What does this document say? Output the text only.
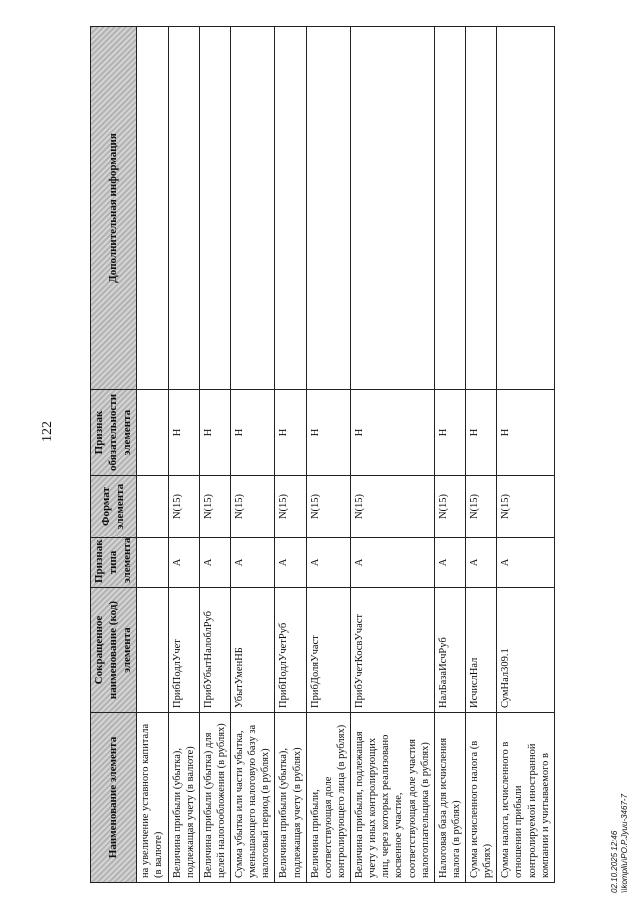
122
Наименование элемента	Сокращенное наименование (код) элемента	Признак типа элемента	Формат элемента	Признак обязательности элемента	Дополнительная информация
на увеличение уставного капитала (в валюте)					
Величина прибыли (убытка), подлежащая учету (в валюте)	ПрибПодлУчет	А	N(15)	Н	
Величина прибыли (убытка) для целей налогообложения (в рублях)	ПрибУбытНалоблРуб	А	N(15)	Н	
Сумма убытка или части убытка, уменьшающего налоговую базу за налоговый период (в рублях)	УбытУменНБ	А	N(15)	Н	
Величина прибыли (убытка), подлежащая учету (в рублях)	ПрибПодлУчетРуб	А	N(15)	Н	
Величина прибыли, соответствующая доле контролирующего лица (в рублях)	ПрибДоляУчаст	А	N(15)	Н	
Величина прибыли, подлежащая учету у иных контролирующих лиц, через которых реализовано косвенное участие, соответствующая доле участия налогоплательщика (в рублях)	ПрибУчетКосвУчаст	А	N(15)	Н	
Налоговая база для исчисления налога (в рублях)	НалБазаИсчРуб	А	N(15)	Н	
Сумма исчисленного налога (в рублях)	ИсчислНал	А	N(15)	Н	
Сумма налога, исчисленного в отношении прибыли контролируемой иностранной компании и учитываемого в	СумНал309.1	А	N(15)	Н	
02.10.2025 12:46 \\kompliu\PO.P.Jyuu-3467-7
